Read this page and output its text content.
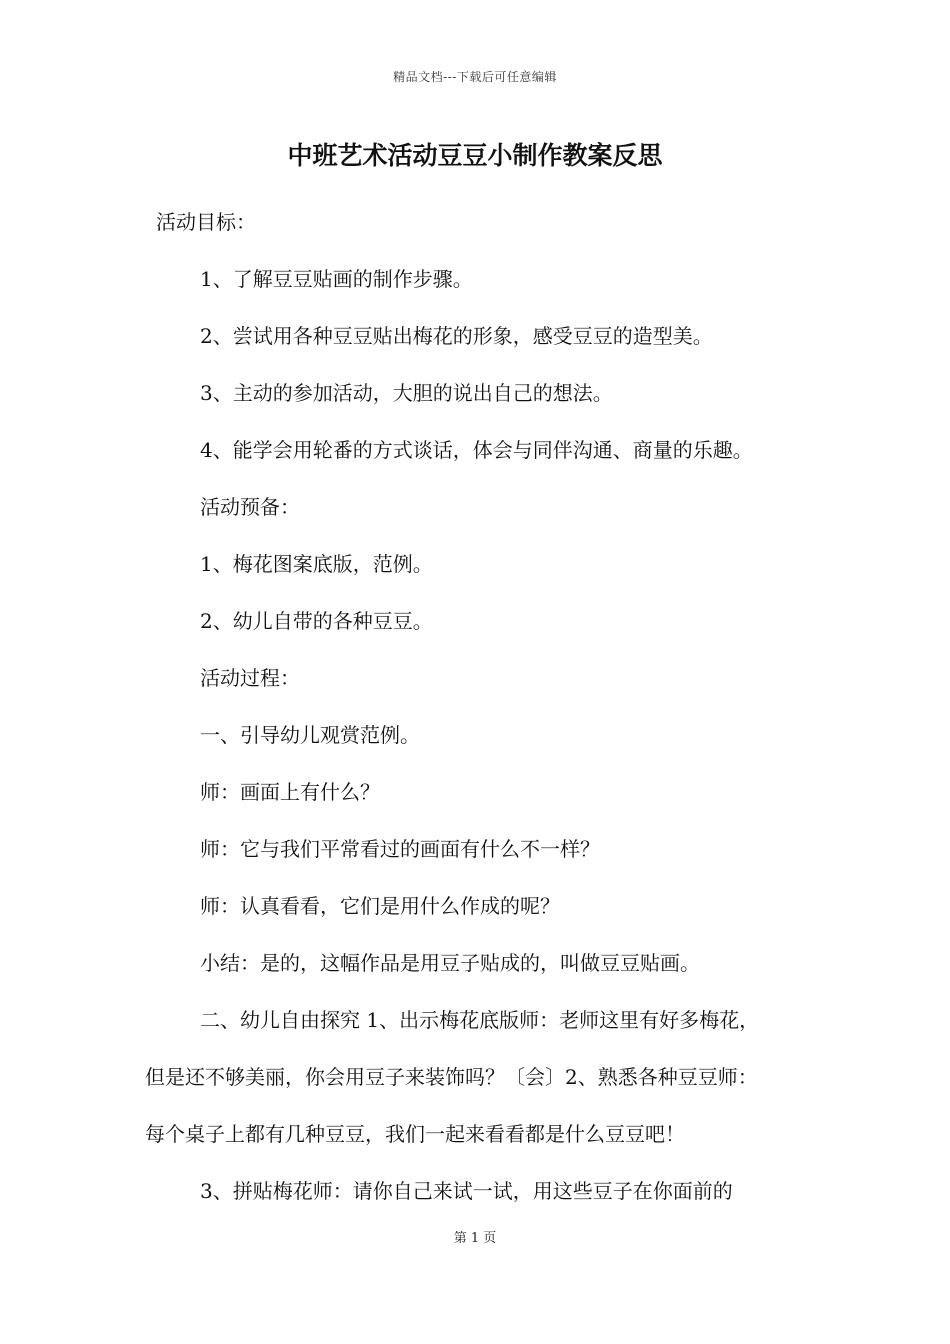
精品文档---下载后可任意编辑
中班艺术活动豆豆小制作教案反思
活动目标：
1、了解豆豆贴画的制作步骤。
2、尝试用各种豆豆贴出梅花的形象，感受豆豆的造型美。
3、主动的参加活动，大胆的说出自己的想法。
4、能学会用轮番的方式谈话，体会与同伴沟通、商量的乐趣。
活动预备：
1、梅花图案底版，范例。
2、幼儿自带的各种豆豆。
活动过程：
一、引导幼儿观赏范例。
师：画面上有什么？
师：它与我们平常看过的画面有什么不一样？
师：认真看看，它们是用什么作成的呢？
小结：是的，这幅作品是用豆子贴成的，叫做豆豆贴画。
二、幼儿自由探究 1、出示梅花底版师：老师这里有好多梅花，
但是还不够美丽，你会用豆子来装饰吗？〔会〕2、熟悉各种豆豆师：
每个桌子上都有几种豆豆，我们一起来看看都是什么豆豆吧！
3、拼贴梅花师：请你自己来试一试，用这些豆子在你面前的
第 1 页
